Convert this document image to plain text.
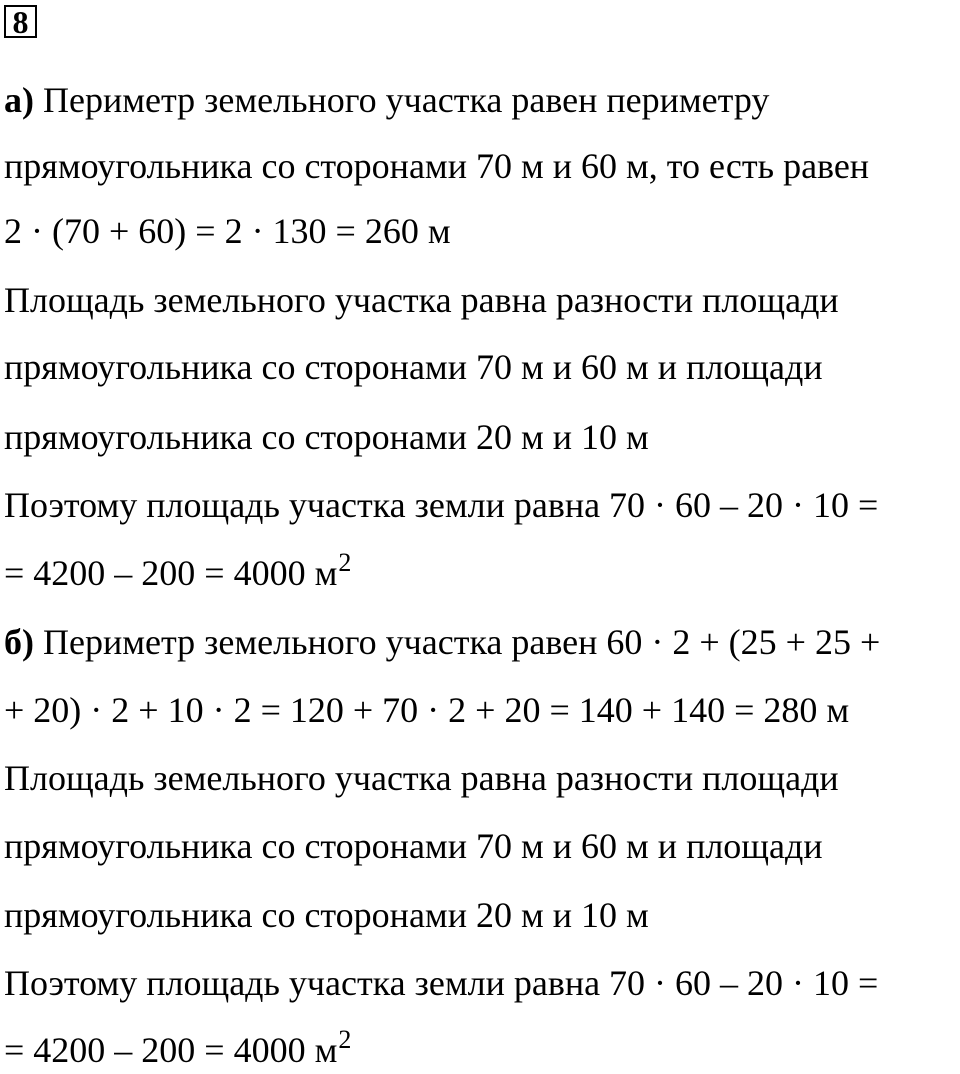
8
а) Периметр земельного участка равен периметру
прямоугольника со сторонами 70 м и 60 м, то есть равен
2 · (70 + 60) = 2 · 130 = 260 м
Площадь земельного участка равна разности площади
прямоугольника со сторонами 70 м и 60 м и площади
прямоугольника со сторонами 20 м и 10 м
Поэтому площадь участка земли равна 70 · 60 – 20 · 10 =
= 4200 – 200 = 4000 $м^2$
б) Периметр земельного участка равен 60 · 2 + (25 + 25 +
+ 20) · 2 + 10 · 2 = 120 + 70 · 2 + 20 = 140 + 140 = 280 м
Площадь земельного участка равна разности площади
прямоугольника со сторонами 70 м и 60 м и площади
прямоугольника со сторонами 20 м и 10 м
Поэтому площадь участка земли равна 70 · 60 – 20 · 10 =
= 4200 – 200 = 4000 $м^2$
